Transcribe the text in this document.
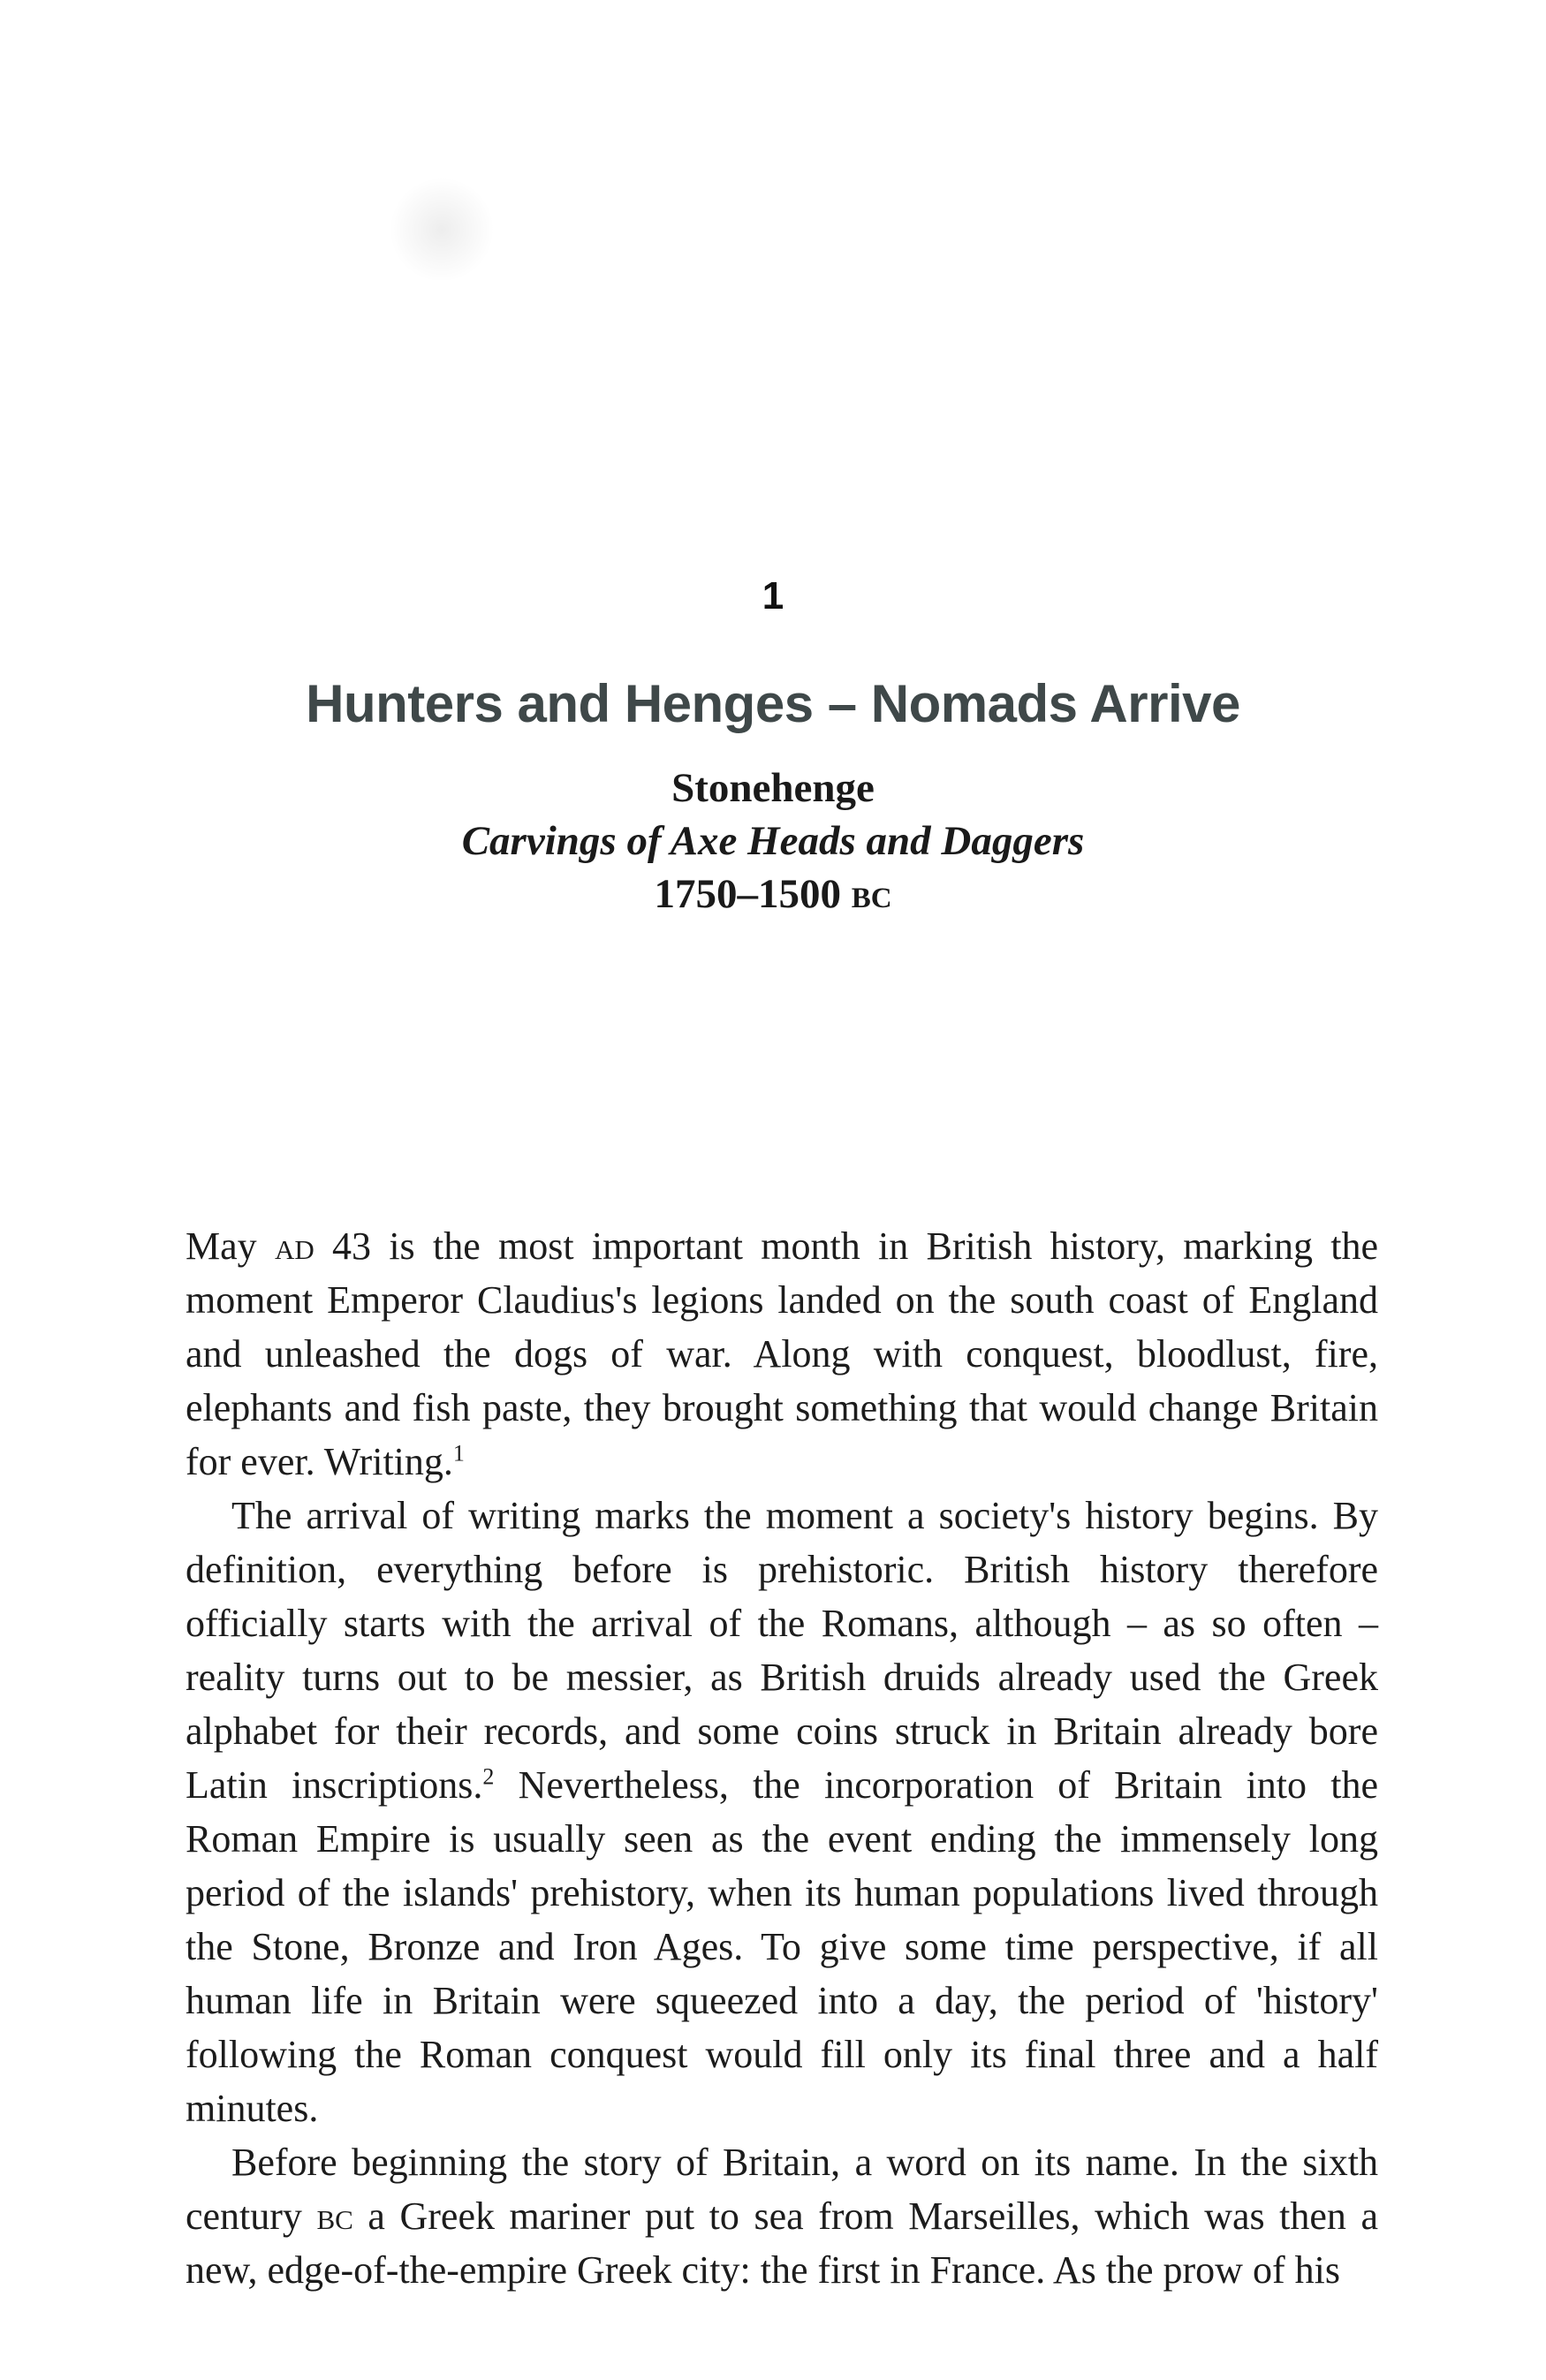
1
Hunters and Henges – Nomads Arrive
Stonehenge
Carvings of Axe Heads and Daggers
1750–1500 bc

May ad 43 is the most important month in British history, marking the moment Emperor Claudius's legions landed on the south coast of England and unleashed the dogs of war. Along with conquest, bloodlust, fire, elephants and fish paste, they brought something that would change Britain for ever. Writing.$^1$

The arrival of writing marks the moment a society's history begins. By definition, everything before is prehistoric. British history therefore officially starts with the arrival of the Romans, although – as so often – reality turns out to be messier, as British druids already used the Greek alphabet for their records, and some coins struck in Britain already bore Latin inscriptions.$^2$ Nevertheless, the incorporation of Britain into the Roman Empire is usually seen as the event ending the immensely long period of the islands' prehistory, when its human populations lived through the Stone, Bronze and Iron Ages. To give some time perspective, if all human life in Britain were squeezed into a day, the period of 'history' following the Roman conquest would fill only its final three and a half minutes.

Before beginning the story of Britain, a word on its name. In the sixth century bc a Greek mariner put to sea from Marseilles, which was then a new, edge-of-the-empire Greek city: the first in France. As the prow of his
